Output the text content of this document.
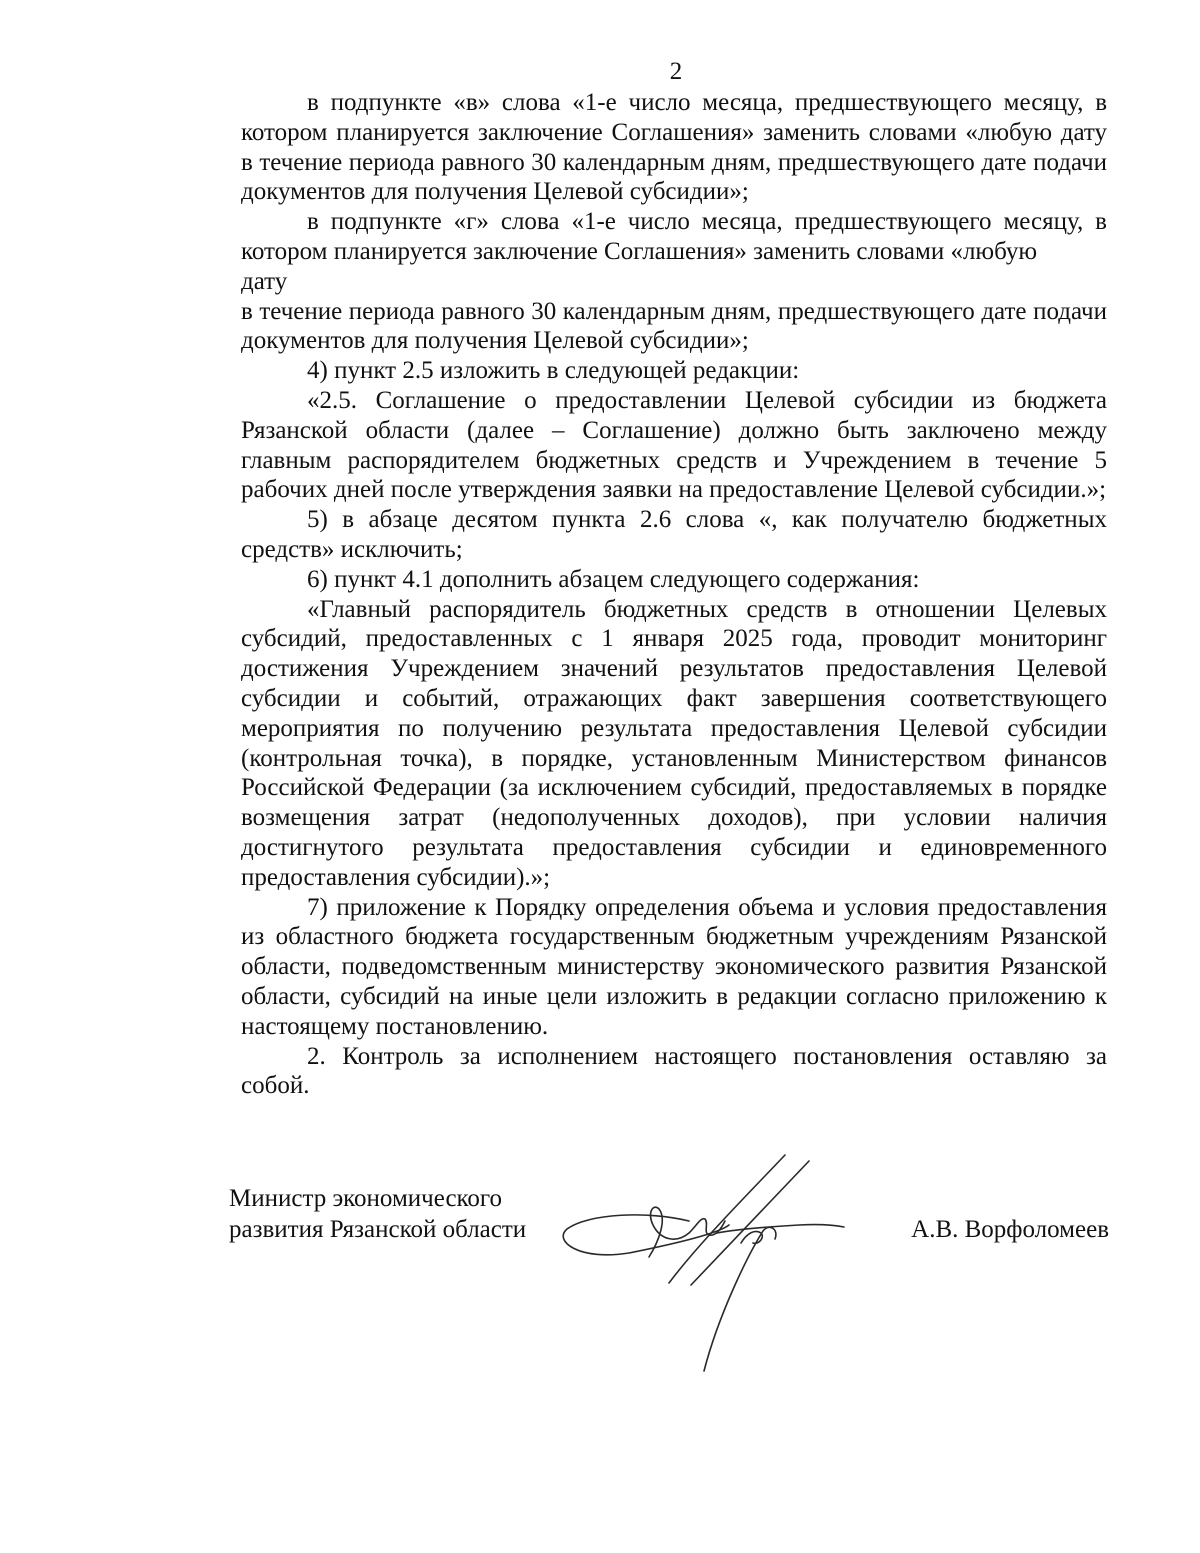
2

в подпункте «в» слова «1-е число месяца, предшествующего месяцу, в котором планируется заключение Соглашения» заменить словами «любую дату в течение периода равного 30 календарным дням, предшествующего дате подачи документов для получения Целевой субсидии»;

в подпункте «г» слова «1-е число месяца, предшествующего месяцу, в котором планируется заключение Соглашения» заменить словами «любую

дату

в течение периода равного 30 календарным дням, предшествующего дате подачи документов для получения Целевой субсидии»;

4) пункт 2.5 изложить в следующей редакции:

«2.5. Соглашение о предоставлении Целевой субсидии из бюджета Рязанской области (далее – Соглашение) должно быть заключено между главным распорядителем бюджетных средств и Учреждением в течение 5 рабочих дней после утверждения заявки на предоставление Целевой субсидии.»;

5) в абзаце десятом пункта 2.6 слова «, как получателю бюджетных средств» исключить;

6) пункт 4.1 дополнить абзацем следующего содержания:

«Главный распорядитель бюджетных средств в отношении Целевых субсидий, предоставленных с 1 января 2025 года, проводит мониторинг достижения Учреждением значений результатов предоставления Целевой субсидии и событий, отражающих факт завершения соответствующего мероприятия по получению результата предоставления Целевой субсидии (контрольная точка), в порядке, установленным Министерством финансов Российской Федерации (за исключением субсидий, предоставляемых в порядке возмещения затрат (недополученных доходов), при условии наличия достигнутого результата предоставления субсидии и единовременного предоставления субсидии).»;

7) приложение к Порядку определения объема и условия предоставления из областного бюджета государственным бюджетным учреждениям Рязанской области, подведомственным министерству экономического развития Рязанской области, субсидий на иные цели изложить в редакции согласно приложению к настоящему постановлению.

2. Контроль за исполнением настоящего постановления оставляю за собой.

Министр экономического
развития Рязанской области	А.В. Ворфоломеев
